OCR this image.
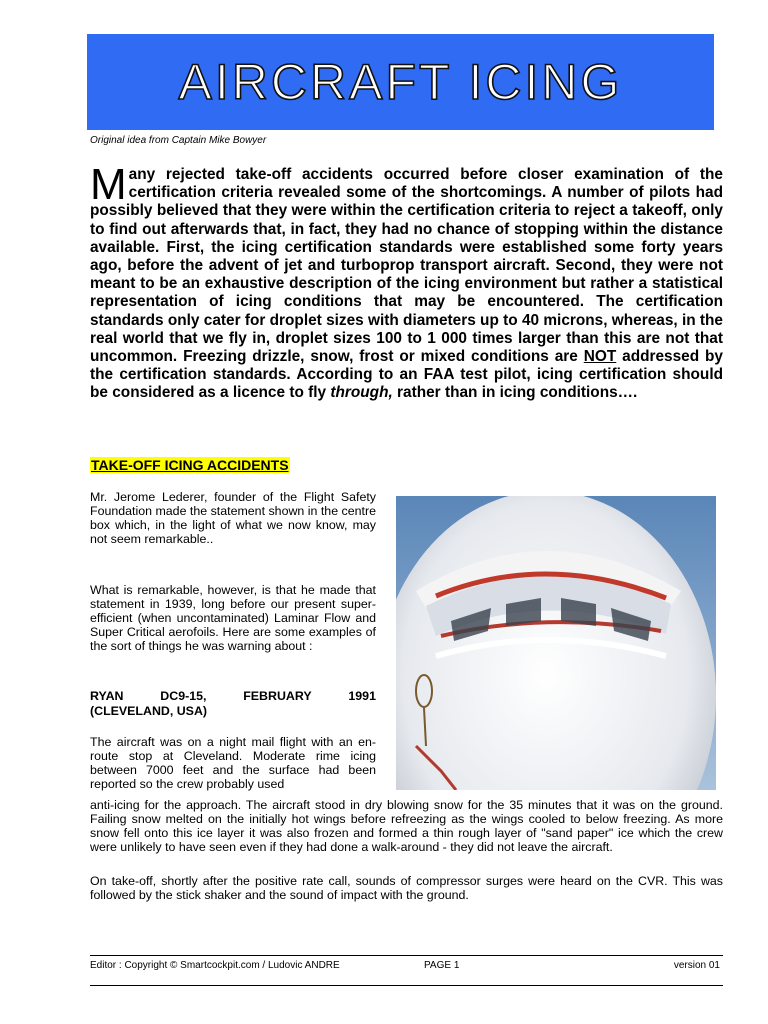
AIRCRAFT ICING
Original idea from Captain Mike Bowyer

Many rejected take-off accidents occurred before closer examination of the certification criteria revealed some of the shortcomings. A number of pilots had possibly believed that they were within the certification criteria to reject a takeoff, only to find out afterwards that, in fact, they had no chance of stopping within the distance available. First, the icing certification standards were established some forty years ago, before the advent of jet and turboprop transport aircraft. Second, they were not meant to be an exhaustive description of the icing environment but rather a statistical representation of icing conditions that may be encountered. The certification standards only cater for droplet sizes with diameters up to 40 microns, whereas, in the real world that we fly in, droplet sizes 100 to 1 000 times larger than this are not that uncommon. Freezing drizzle, snow, frost or mixed conditions are NOT addressed by the certification standards. According to an FAA test pilot, icing certification should be considered as a licence to fly through, rather than in icing conditions….

TAKE-OFF ICING ACCIDENTS

Mr. Jerome Lederer, founder of the Flight Safety Foundation made the statement shown in the centre box which, in the light of what we now know, may not seem remarkable..

What is remarkable, however, is that he made that statement in 1939, long before our present super-efficient (when uncontaminated) Laminar Flow and Super Critical aerofoils. Here are some examples of the sort of things he was warning about :

RYAN	DC9-15,	FEBRUARY	1991
(CLEVELAND, USA)

The aircraft was on a night mail flight with an en-route stop at Cleveland. Moderate rime icing between 7000 feet and the surface had been reported so the crew probably used

anti-icing for the approach. The aircraft stood in dry blowing snow for the 35 minutes that it was on the ground. Failing snow melted on the initially hot wings before refreezing as the wings cooled to below freezing. As more snow fell onto this ice layer it was also frozen and formed a thin rough layer of "sand paper" ice which the crew were unlikely to have seen even if they had done a walk-around - they did not leave the aircraft.

On take-off, shortly after the positive rate call, sounds of compressor surges were heard on the CVR. This was followed by the stick shaker and the sound of impact with the ground.

Editor : Copyright © Smartcockpit.com / Ludovic ANDRE	PAGE 1	version 01
